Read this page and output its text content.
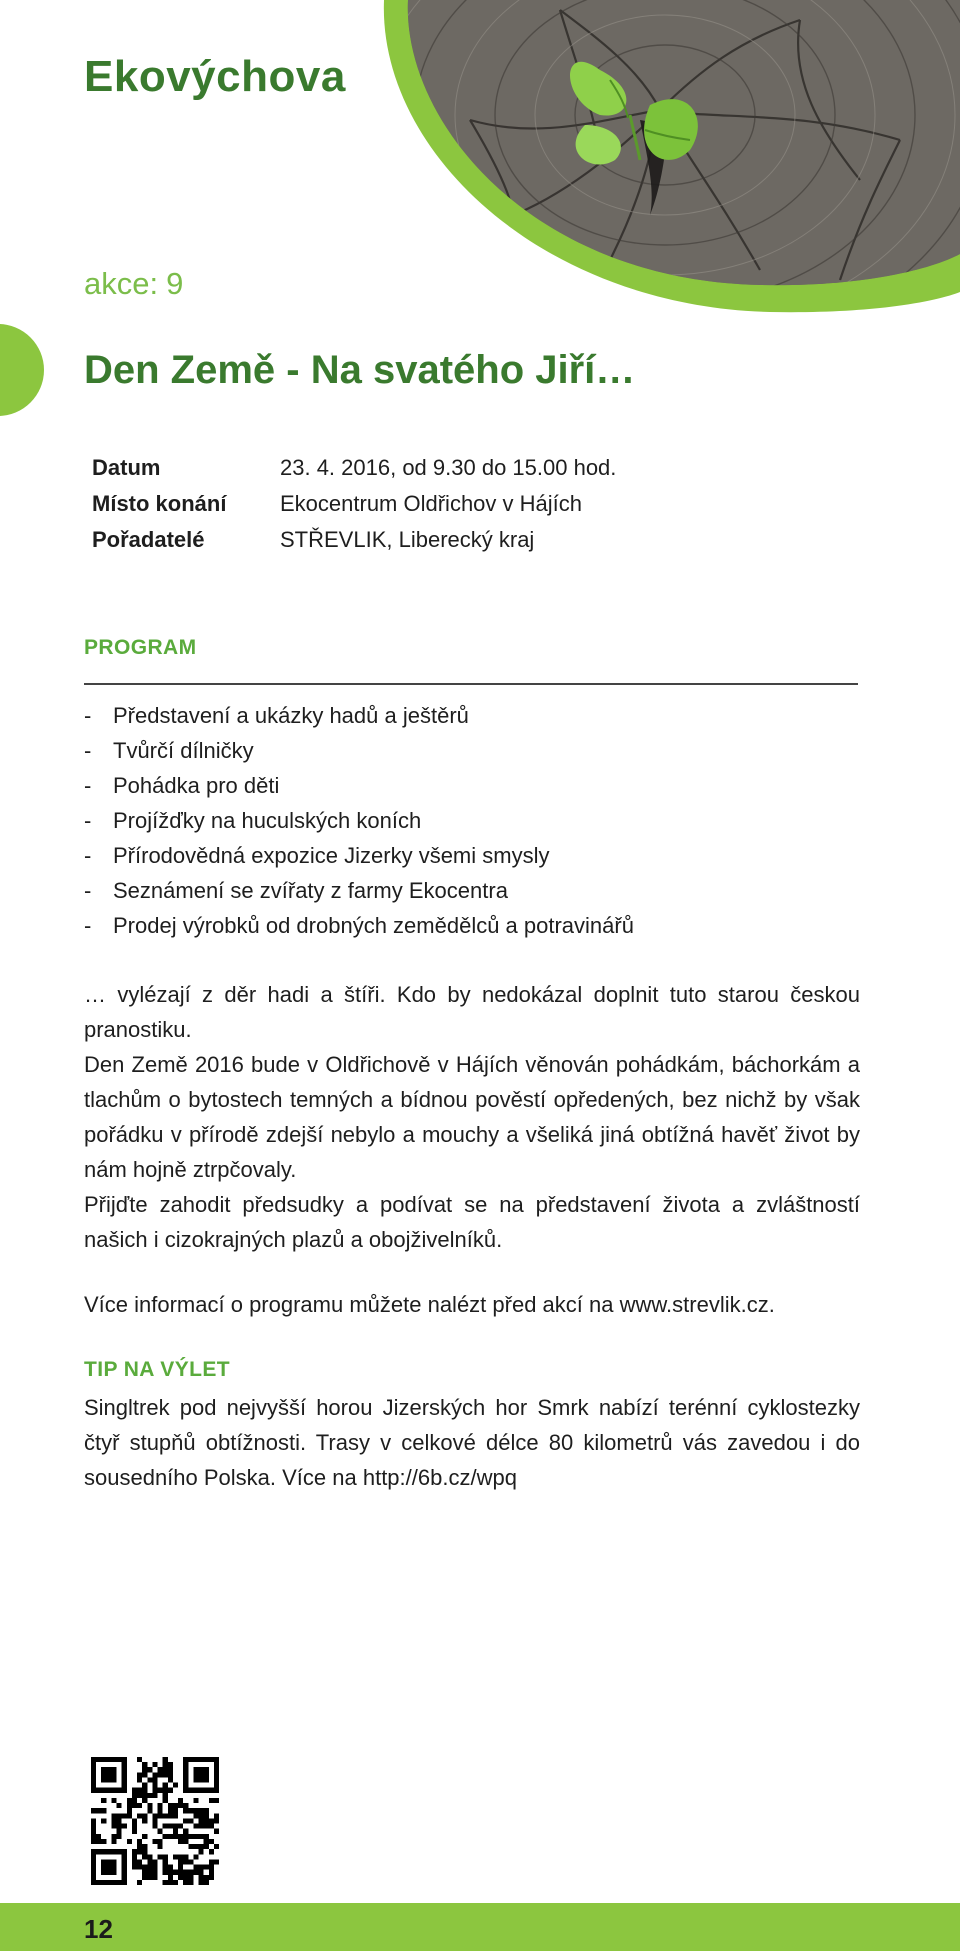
Ekovýchova
akce: 9
Den Země - Na svatého Jiří…
Datum	23. 4. 2016, od 9.30 do 15.00 hod.
Místo konání	Ekocentrum Oldřichov v Hájích
Pořadatelé	STŘEVLIK, Liberecký kraj
PROGRAM
- Představení a ukázky hadů a ještěrů
- Tvůrčí dílničky
- Pohádka pro děti
- Projížďky na huculských koních
- Přírodovědná expozice Jizerky všemi smysly
- Seznámení se zvířaty z farmy Ekocentra
- Prodej výrobků od drobných zemědělců a potravinářů

… vylézají z děr hadi a štíři. Kdo by nedokázal doplnit tuto starou českou pranostiku.

Den Země 2016 bude v Oldřichově v Hájích věnován pohádkám, báchorkám a tlachům o bytostech temných a bídnou pověstí opředených, bez nichž by však pořádku v přírodě zdejší nebylo a mouchy a všeliká jiná obtížná havěť život by nám hojně ztrpčovaly.

Přijďte zahodit předsudky a podívat se na představení života a zvláštností našich i cizokrajných plazů a obojživelníků.

Více informací o programu můžete nalézt před akcí na www.strevlik.cz.
TIP NA VÝLET

Singltrek pod nejvyšší horou Jizerských hor Smrk nabízí terénní cyklostezky čtyř stupňů obtížnosti. Trasy v celkové délce 80 kilometrů vás zavedou i do sousedního Polska. Více na http://6b.cz/wpq

12
